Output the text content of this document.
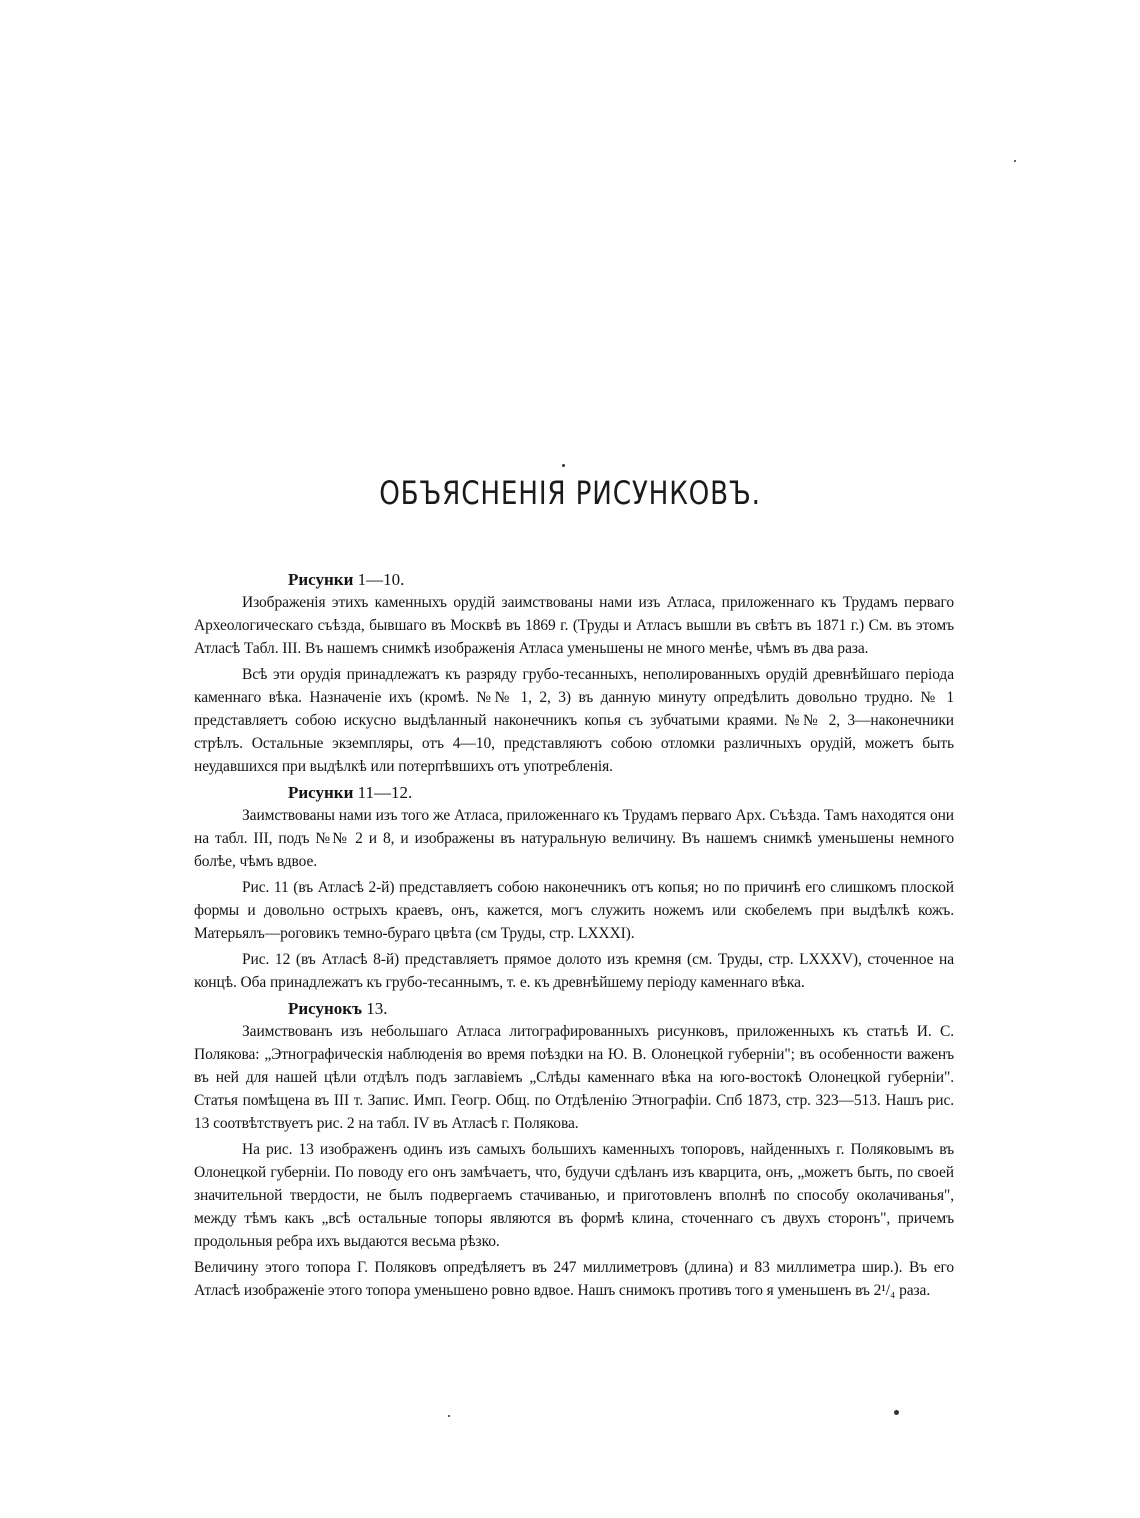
ОБЪЯСНЕНІЯ РИСУНКОВЪ.
Рисунки 1—10.

Изображенія этихъ каменныхъ орудій заимствованы нами изъ Атласа, приложеннаго къ Трудамъ перваго Археологическаго съѣзда, бывшаго въ Москвѣ въ 1869 г. (Труды и Атласъ вышли въ свѣтъ въ 1871 г.) См. въ этомъ Атласѣ Табл. III. Въ нашемъ снимкѣ изображенія Атласа уменьшены не много менѣе, чѣмъ въ два раза.

Всѣ эти орудія принадлежатъ къ разряду грубо-тесанныхъ, неполированныхъ орудій древнѣйшаго періода каменнаго вѣка. Назначеніе ихъ (кромѣ. №№ 1, 2, 3) въ данную минуту опредѣлить довольно трудно. № 1 представляетъ собою искусно выдѣланный наконечникъ копья съ зубчатыми краями. №№ 2, 3—наконечники стрѣлъ. Остальные экземпляры, отъ 4—10, представляютъ собою отломки различныхъ орудій, можетъ быть неудавшихся при выдѣлкѣ или потерпѣвшихъ отъ употребленія.

Рисунки 11—12.

Заимствованы нами изъ того же Атласа, приложеннаго къ Трудамъ перваго Арх. Съѣзда. Тамъ находятся они на табл. III, подъ №№ 2 и 8, и изображены въ натуральную величину. Въ нашемъ снимкѣ уменьшены немного болѣе, чѣмъ вдвое.

Рис. 11 (въ Атласѣ 2-й) представляетъ собою наконечникъ отъ копья; но по причинѣ его слишкомъ плоской формы и довольно острыхъ краевъ, онъ, кажется, могъ служить ножемъ или скобелемъ при выдѣлкѣ кожъ. Матерьялъ—роговикъ темно-бураго цвѣта (см Труды, стр. LXXXI).

Рис. 12 (въ Атласѣ 8-й) представляетъ прямое долото изъ кремня (см. Труды, стр. LXXXV), сточенное на концѣ. Оба принадлежатъ къ грубо-тесаннымъ, т. е. къ древнѣйшему періоду каменнаго вѣка.

Рисунокъ 13.

Заимствованъ изъ небольшаго Атласа литографированныхъ рисунковъ, приложенныхъ къ статьѣ И. С. Полякова: „Этнографическія наблюденія во время поѣздки на Ю. В. Олонецкой губерніи"; въ особенности важенъ въ ней для нашей цѣли отдѣлъ подъ заглавіемъ „Слѣды каменнаго вѣка на юго-востокѣ Олонецкой губерніи". Статья помѣщена въ III т. Запис. Имп. Геогр. Общ. по Отдѣленію Этнографіи. Спб 1873, стр. 323—513. Нашъ рис. 13 соотвѣтствуетъ рис. 2 на табл. IV въ Атласѣ г. Полякова.

На рис. 13 изображенъ одинъ изъ самыхъ большихъ каменныхъ топоровъ, найденныхъ г. Поляковымъ въ Олонецкой губерніи. По поводу его онъ замѣчаетъ, что, будучи сдѣланъ изъ кварцита, онъ, „можетъ быть, по своей значительной твердости, не былъ подвергаемъ стачиванью, и приготовленъ вполнѣ по способу околачиванья", между тѣмъ какъ „всѣ остальные топоры являются въ формѣ клина, сточеннаго съ двухъ сторонъ", причемъ продольныя ребра ихъ выдаются весьма рѣзко.

Величину этого топора Г. Поляковъ опредѣляетъ въ 247 миллиметровъ (длина) и 83 миллиметра шир.). Въ его Атласѣ изображеніе этого топора уменьшено ровно вдвое. Нашъ снимокъ противъ того я уменьшенъ въ 2¹/₄ раза.
